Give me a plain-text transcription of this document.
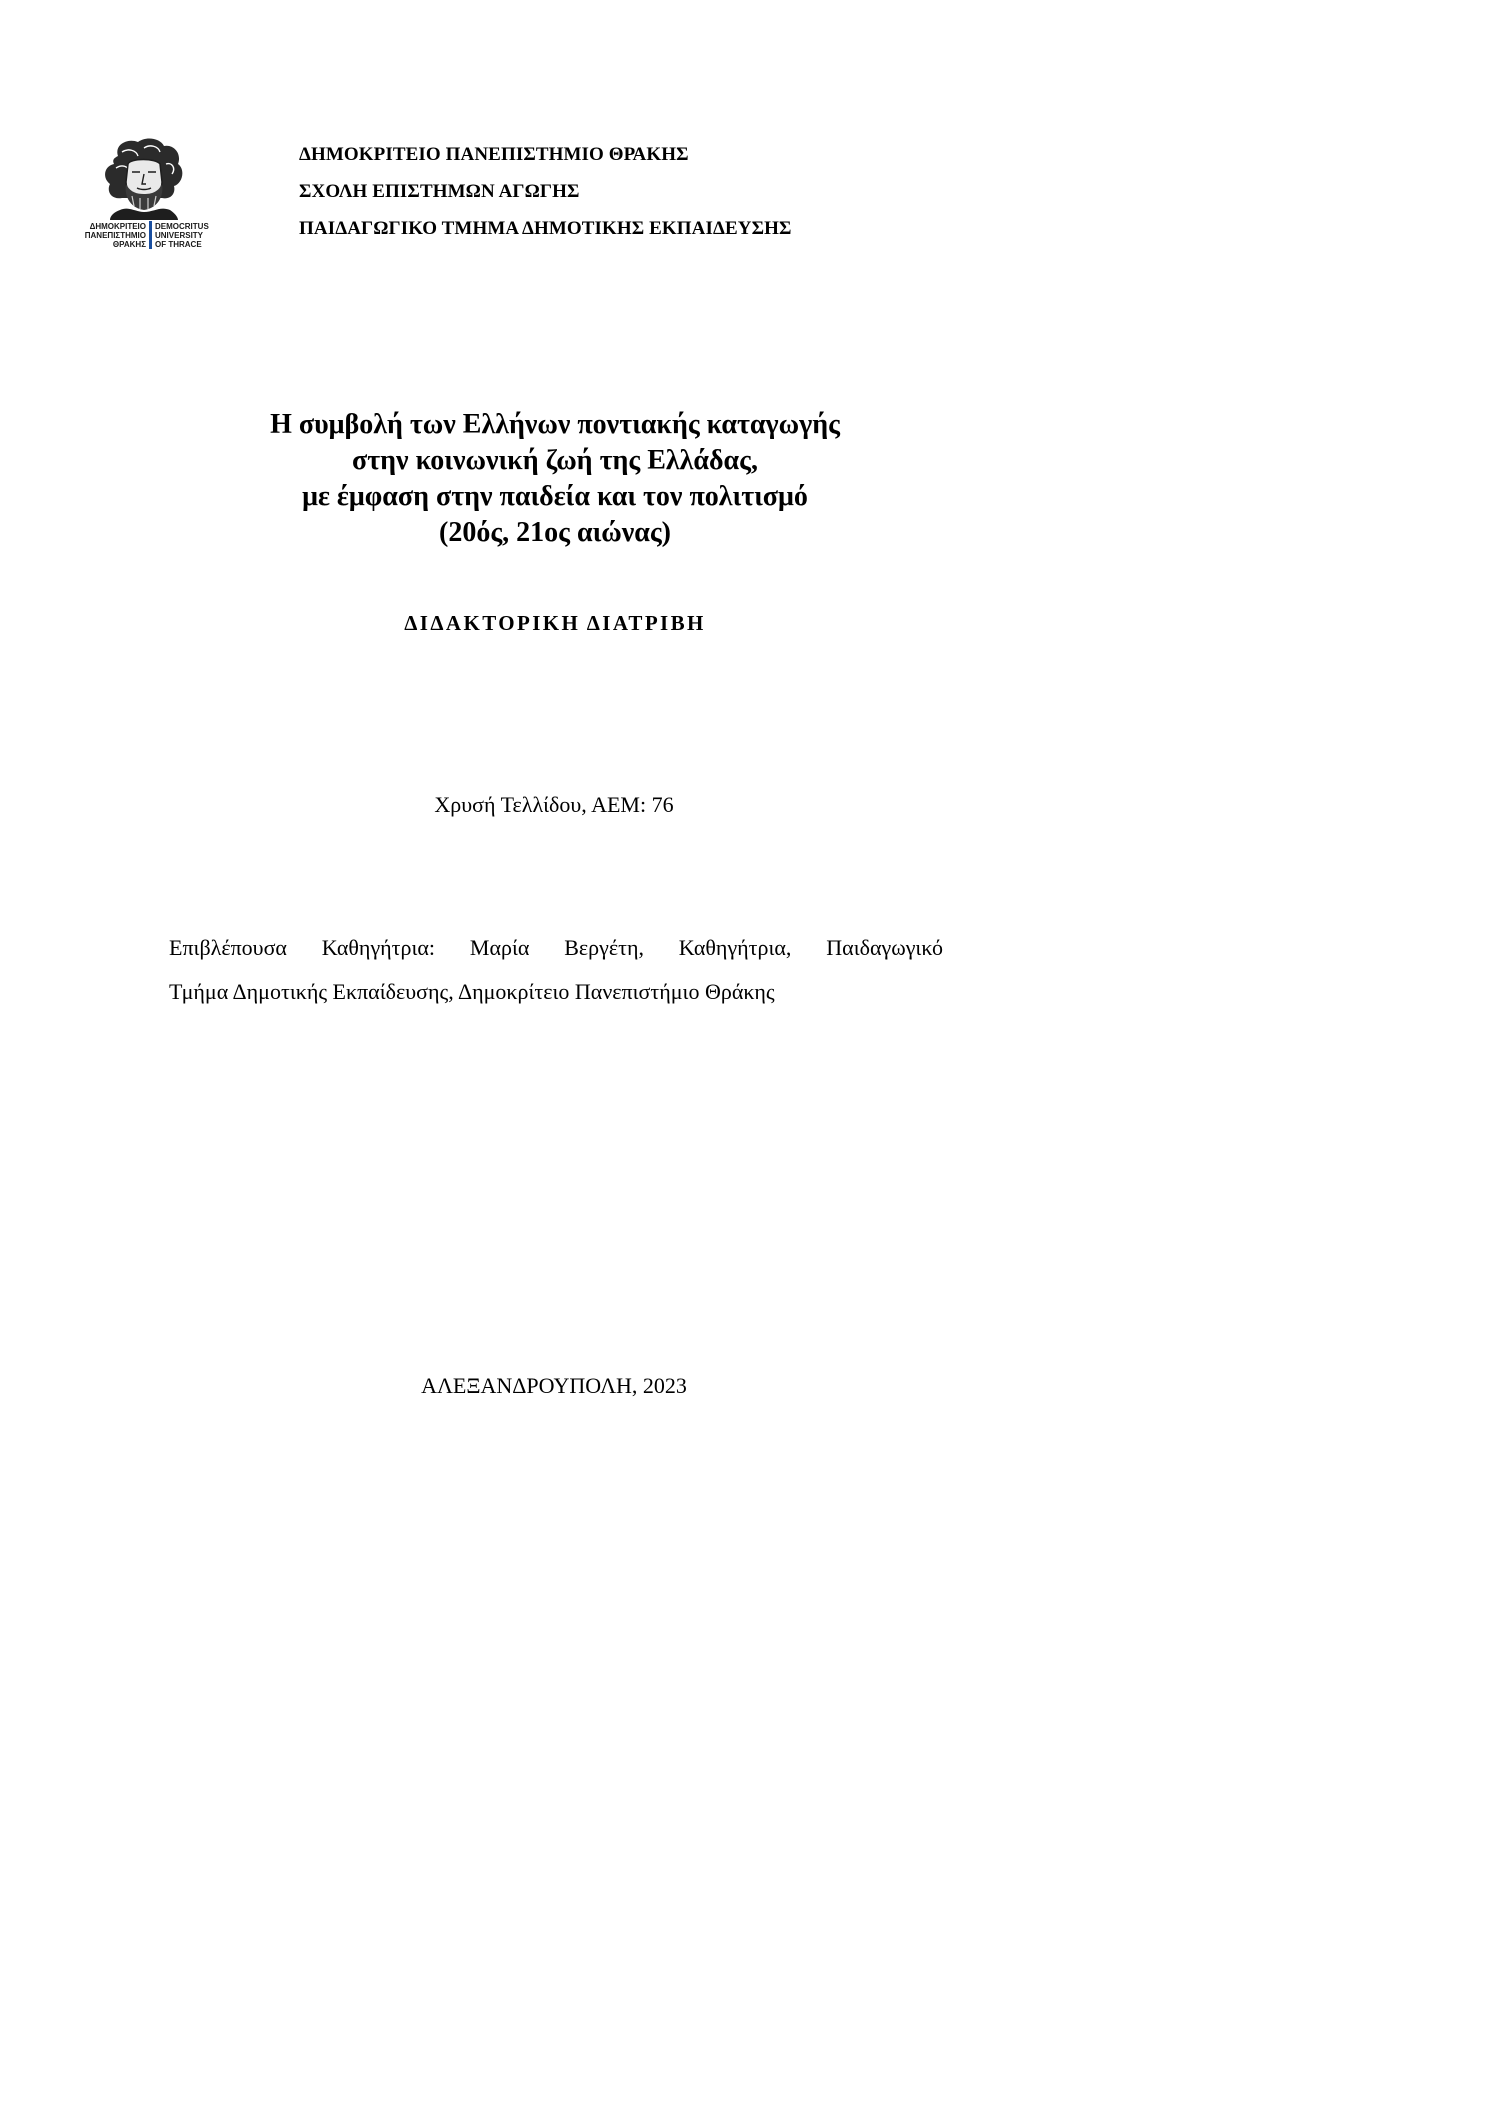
ΔΗΜΟΚΡΙΤΕΙΟ
ΠΑΝΕΠΙΣΤΗΜΙΟ
ΘΡΑΚΗΣ
DEMOCRITUS
UNIVERSITY
OF THRACE
ΔΗΜΟΚΡΙΤΕΙΟ ΠΑΝΕΠΙΣΤΗΜΙΟ ΘΡΑΚΗΣ
ΣΧΟΛΗ ΕΠΙΣΤΗΜΩΝ ΑΓΩΓΗΣ
ΠΑΙΔΑΓΩΓΙΚΟ ΤΜΗΜΑ ΔΗΜΟΤΙΚΗΣ ΕΚΠΑΙΔΕΥΣΗΣ
Η συμβολή των Ελλήνων ποντιακής καταγωγής
στην κοινωνική ζωή της Ελλάδας,
με έμφαση στην παιδεία και τον πολιτισμό
(20ός, 21ος αιώνας)
ΔΙΔΑΚΤΟΡΙΚΗ ΔΙΑΤΡΙΒΗ
Χρυσή Τελλίδου, ΑΕΜ: 76
Επιβλέπουσα Καθηγήτρια: Μαρία Βεργέτη, Καθηγήτρια, Παιδαγωγικό
Τμήμα Δημοτικής Εκπαίδευσης, Δημοκρίτειο Πανεπιστήμιο Θράκης
ΑΛΕΞΑΝΔΡΟΥΠΟΛΗ, 2023
